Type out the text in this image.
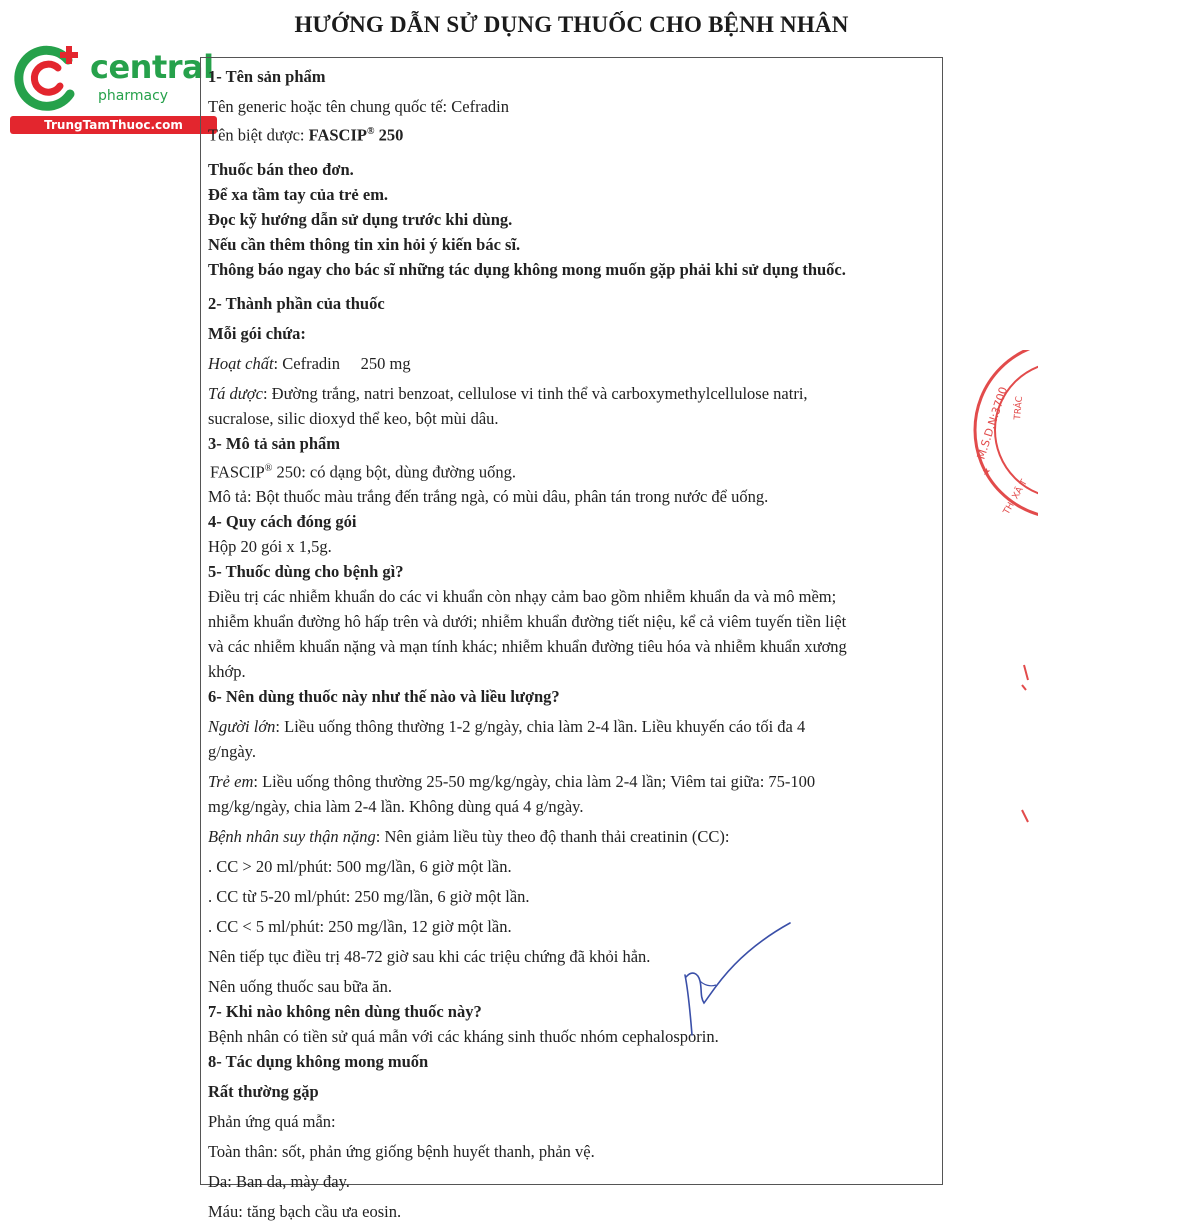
HƯỚNG DẪN SỬ DỤNG THUỐC CHO BỆNH NHÂN
central
pharmacy
TrungTamThuoc.com

1- Tên sản phẩm

Tên generic hoặc tên chung quốc tế: Cefradin

Tên biệt dược: FASCIP® 250

Thuốc bán theo đơn.

Để xa tầm tay của trẻ em.

Đọc kỹ hướng dẫn sử dụng trước khi dùng.

Nếu cần thêm thông tin xin hỏi ý kiến bác sĩ.

Thông báo ngay cho bác sĩ những tác dụng không mong muốn gặp phải khi sử dụng thuốc.

2- Thành phần của thuốc

Mỗi gói chứa:

Hoạt chất: Cefradin     250 mg

Tá dược: Đường trắng, natri benzoat, cellulose vi tinh thể và carboxymethylcellulose natri,

sucralose, silic dioxyd thể keo, bột mùi dâu.

3- Mô tả sản phẩm

FASCIP® 250: có dạng bột, dùng đường uống.

Mô tả: Bột thuốc màu trắng đến trắng ngà, có mùi dâu, phân tán trong nước để uống.

4- Quy cách đóng gói

Hộp 20 gói x 1,5g.

5- Thuốc dùng cho bệnh gì?

Điều trị các nhiễm khuẩn do các vi khuẩn còn nhạy cảm bao gồm nhiễm khuẩn da và mô mềm;

nhiễm khuẩn đường hô hấp trên và dưới; nhiễm khuẩn đường tiết niệu, kể cả viêm tuyến tiền liệt

và các nhiễm khuẩn nặng và mạn tính khác; nhiễm khuẩn đường tiêu hóa và nhiễm khuẩn xương

khớp.

6- Nên dùng thuốc này như thế nào và liều lượng?

Người lớn: Liều uống thông thường 1-2 g/ngày, chia làm 2-4 lần. Liều khuyến cáo tối đa 4

g/ngày.

Trẻ em: Liều uống thông thường 25-50 mg/kg/ngày, chia làm 2-4 lần; Viêm tai giữa: 75-100

mg/kg/ngày, chia làm 2-4 lần. Không dùng quá 4 g/ngày.

Bệnh nhân suy thận nặng: Nên giảm liều tùy theo độ thanh thải creatinin (CC):

. CC > 20 ml/phút: 500 mg/lần, 6 giờ một lần.

. CC từ 5-20 ml/phút: 250 mg/lần, 6 giờ một lần.

. CC < 5 ml/phút: 250 mg/lần, 12 giờ một lần.

Nên tiếp tục điều trị 48-72 giờ sau khi các triệu chứng đã khỏi hẳn.

Nên uống thuốc sau bữa ăn.

7- Khi nào không nên dùng thuốc này?

Bệnh nhân có tiền sử quá mẫn với các kháng sinh thuốc nhóm cephalosporin.

8- Tác dụng không mong muốn

Rất thường gặp

Phản ứng quá mẫn:

Toàn thân: sốt, phản ứng giống bệnh huyết thanh, phản vệ.

Da: Ban da, mày đay.

Máu: tăng bạch cầu ưa eosin.

M.S.D.N:3700 TRÁC
THỊ XÃ T
★
